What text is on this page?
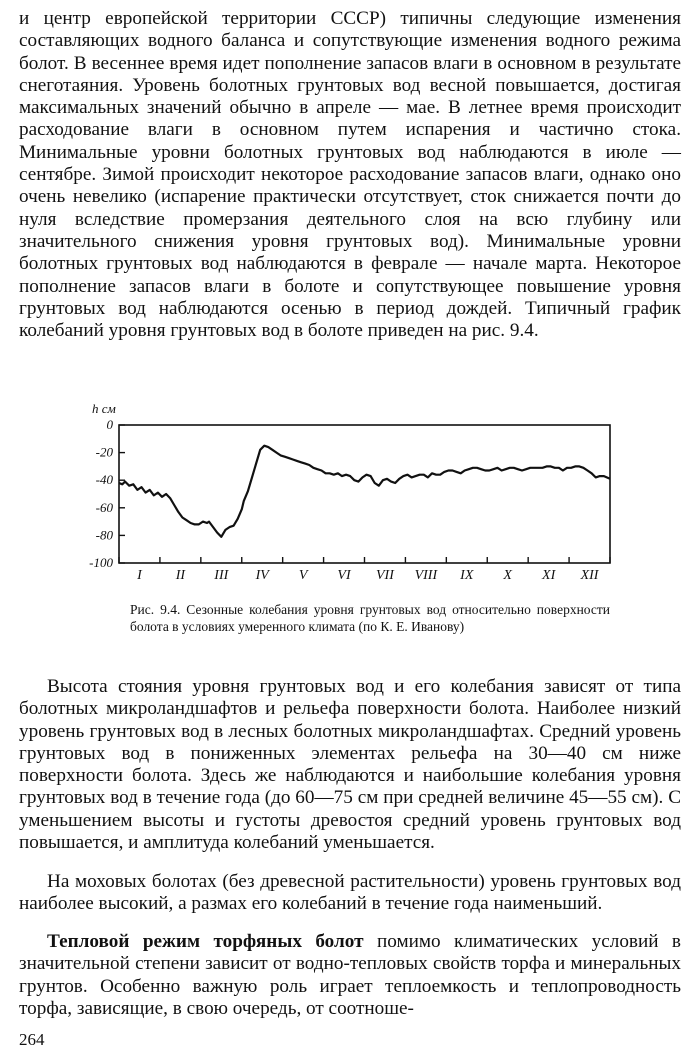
и центр европейской территории СССР) типичны следующие изменения составляющих водного баланса и сопутствующие изменения водного режима болот. В весеннее время идет пополнение запасов влаги в основном в результате снеготаяния. Уровень болотных грунтовых вод весной повышается, достигая максимальных значений обычно в апреле — мае. В летнее время происходит расходование влаги в основном путем испарения и частично стока. Минимальные уровни болотных грунтовых вод наблюдаются в июле — сентябре. Зимой происходит некоторое расходование запасов влаги, однако оно очень невелико (испарение практически отсутствует, сток снижается почти до нуля вследствие промерзания деятельного слоя на всю глубину или значительного снижения уровня грунтовых вод). Минимальные уровни болотных грунтовых вод наблюдаются в феврале — начале марта. Некоторое пополнение запасов влаги в болоте и сопутствующее повышение уровня грунтовых вод наблюдаются осенью в период дождей. Типичный график колебаний уровня грунтовых вод в болоте приведен на рис. 9.4.

h см
0
-20
-40
-60
-80
-100
I II III IV V VI VII VIII IX X XI XII

Рис. 9.4. Сезонные колебания уровня грунтовых вод относительно поверхности болота в условиях умеренного климата (по К. Е. Иванову)

Высота стояния уровня грунтовых вод и его колебания зависят от типа болотных микроландшафтов и рельефа поверхности болота. Наиболее низкий уровень грунтовых вод в лесных болотных микроландшафтах. Средний уровень грунтовых вод в пониженных элементах рельефа на 30—40 см ниже поверхности болота. Здесь же наблюдаются и наибольшие колебания уровня грунтовых вод в течение года (до 60—75 см при средней величине 45—55 см). С уменьшением высоты и густоты древостоя средний уровень грунтовых вод повышается, и амплитуда колебаний уменьшается.

На моховых болотах (без древесной растительности) уровень грунтовых вод наиболее высокий, а размах его колебаний в течение года наименьший.

Тепловой режим торфяных болот помимо климатических условий в значительной степени зависит от водно-тепловых свойств торфа и минеральных грунтов. Особенно важную роль играет теплоемкость и теплопроводность торфа, зависящие, в свою очередь, от соотноше-

264
